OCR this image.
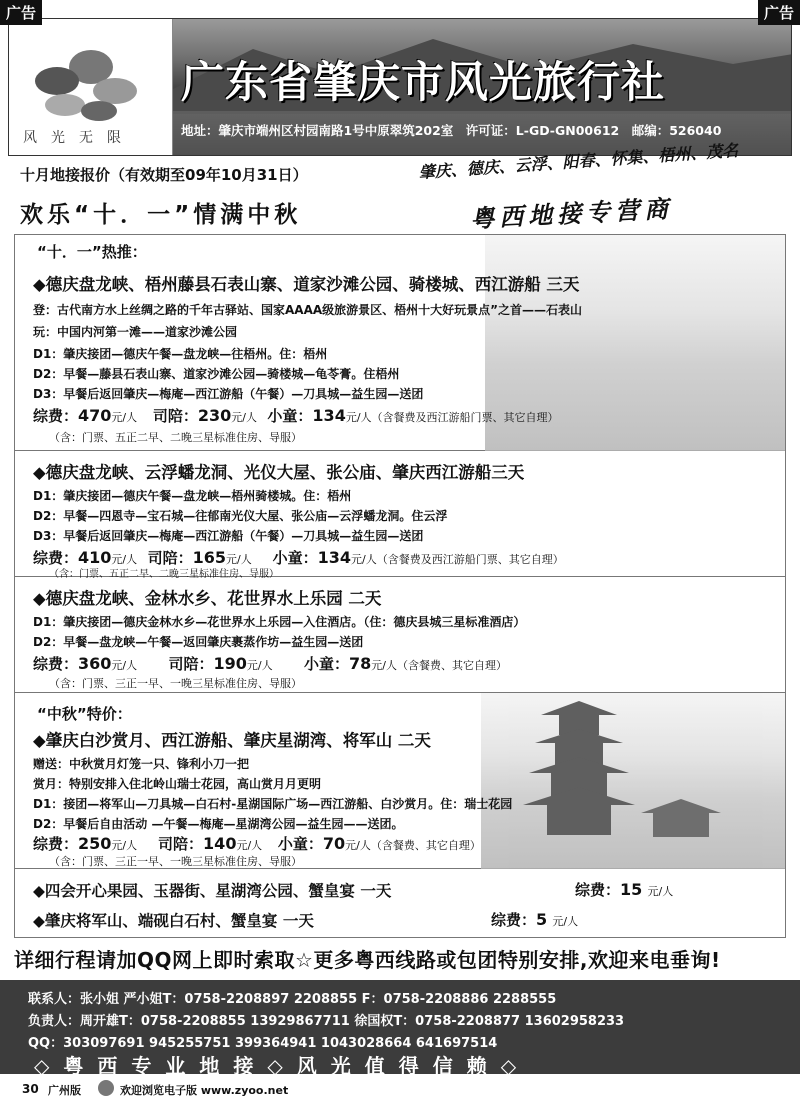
广告	广告
风光无限
广东省肇庆市风光旅行社
地址：肇庆市端州区村园南路1号中原翠筑202室　许可证：L-GD-GN00612　邮编：526040
十月地接报价（有效期至09年10月31日）
欢乐“十．一”情满中秋
肇庆、德庆、云浮、阳春、怀集、梧州、茂名
粤西地接专营商
“十．一”热推：
◆德庆盘龙峡、梧州藤县石表山寨、道家沙滩公园、骑楼城、西江游船 三天
登：古代南方水上丝绸之路的千年古驿站、国家AAAA级旅游景区、梧州十大好玩景点”之首——石表山
玩：中国内河第一滩——道家沙滩公园
D1：肇庆接团—德庆午餐—盘龙峡—往梧州。住：梧州
D2：早餐—藤县石表山寨、道家沙滩公园—骑楼城—龟苓膏。住梧州
D3：早餐后返回肇庆—梅庵—西江游船（午餐）—刀具城—益生园—送团
综费：470元/人 司陪：230元/人 小童：134元/人（含餐费及西江游船门票、其它自理）
（含：门票、五正二早、二晚三星标准住房、导服）
◆德庆盘龙峡、云浮蟠龙洞、光仪大屋、张公庙、肇庆西江游船三天
D1：肇庆接团—德庆午餐—盘龙峡—梧州骑楼城。住：梧州
D2：早餐—四恩寺—宝石城—往郁南光仪大屋、张公庙—云浮蟠龙洞。住云浮
D3：早餐后返回肇庆—梅庵—西江游船（午餐）—刀具城—益生园—送团
综费：410元/人 司陪：165元/人 小童：134元/人（含餐费及西江游船门票、其它自理）
（含：门票、五正二早、二晚三星标准住房、导服）
◆德庆盘龙峡、金林水乡、花世界水上乐园 二天
D1：肇庆接团—德庆金林水乡—花世界水上乐园—入住酒店。（住：德庆县城三星标准酒店）
D2：早餐—盘龙峡—午餐—返回肇庆裹蒸作坊—益生园—送团
综费：360元/人 司陪：190元/人 小童：78元/人（含餐费、其它自理）
（含：门票、三正一早、一晚三星标准住房、导服）
“中秋”特价：
◆肇庆白沙赏月、西江游船、肇庆星湖湾、将军山 二天
赠送：中秋赏月灯笼一只、锋利小刀一把
赏月：特别安排入住北岭山瑞士花园，高山赏月月更明
D1：接团—将军山—刀具城—白石村-星湖国际广场—西江游船、白沙赏月。住：瑞士花园
D2：早餐后自由活动 —午餐—梅庵—星湖湾公园—益生园——送团。
综费：250元/人 司陪：140元/人 小童：70元/人（含餐费、其它自理）
（含：门票、三正一早、一晚三星标准住房、导服）
◆四会开心果园、玉器街、星湖湾公园、蟹皇宴 一天	综费：15 元/人
◆肇庆将军山、端砚白石村、蟹皇宴 一天	综费：5 元/人
详细行程请加QQ网上即时索取☆更多粤西线路或包团特别安排,欢迎来电垂询!
联系人：张小姐 严小姐T：0758-2208897 2208855 F：0758-2208886 2288555
负责人：周开雄T：0758-2208855 13929867711 徐国权T：0758-2208877 13602958233
QQ：303097691 945255751 399364941 1043028664 641697514
◇粤西专业地接◇风光值得信赖◇
30 广州版	欢迎浏览电子版 www.zyoo.net
